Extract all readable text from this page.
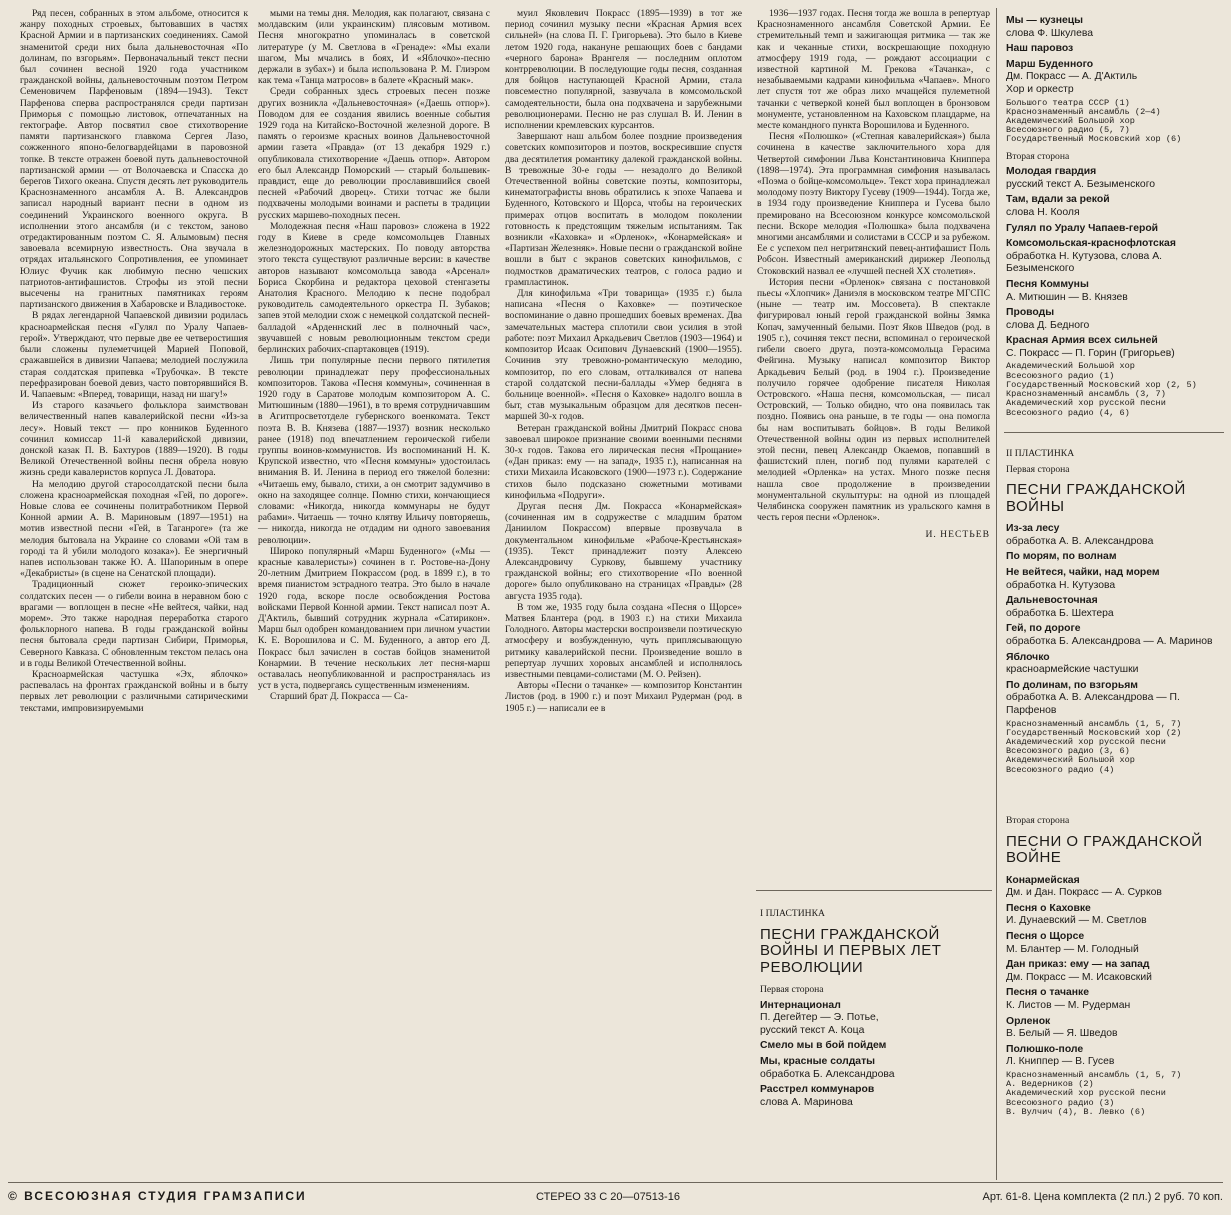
Ряд песен, собранных в этом альбоме, относится к жанру походных строевых, бытовавших в частях Красной Армии и в партизанских соединениях. Самой знаменитой среди них была дальневосточная «По долинам, по взгорьям». Первоначальный текст песни был сочинен весной 1920 года участником гражданской войны, дальневосточным поэтом Петром Семеновичем Парфеновым (1894—1943). Текст Парфенова сперва распространялся среди партизан Приморья с помощью листовок, отпечатанных на гектографе. Автор посвятил свое стихотворение памяти партизанского главкома Сергея Лазо, сожженного японо-белогвардейцами в паровозной топке. В тексте отражен боевой путь дальневосточной партизанской армии — от Волочаевска и Спасска до берегов Тихого океана. Спустя десять лет руководитель Краснознаменного ансамбля А. В. Александров записал народный вариант песни в одном из соединений Украинского военного округа. В исполнении этого ансамбля (и с текстом, заново отредактированным поэтом С. Я. Алымовым) песня завоевала всемирную известность. Она звучала в отрядах итальянского Сопротивления, ее упоминает Юлиус Фучик как любимую песню чешских патриотов-антифашистов. Строфы из этой песни высечены на гранитных памятниках героям партизанского движения в Хабаровске и Владивостоке.

В рядах легендарной Чапаевской дивизии родилась красноармейская песня «Гулял по Уралу Чапаев-герой». Утверждают, что первые две ее четверостишия были сложены пулеметчицей Марией Поповой, сражавшейся в дивизии Чапаева; мелодией послужила старая солдатская припевка «Трубочка». В тексте перефразирован боевой девиз, часто повторявшийся В. И. Чапаевым: «Вперед, товарищи, назад ни шагу!»

Из старого казачьего фольклора заимствован величественный напев кавалерийской песни «Из-за лесу». Новый текст — про конников Буденного сочинил комиссар 11-й кавалерийской дивизии, донской казак П. В. Бахтуров (1889—1920). В годы Великой Отечественной войны песня обрела новую жизнь среди кавалеристов корпуса Л. Доватора.

На мелодию другой старосолдатской песни была сложена красноармейская походная «Гей, по дороге». Новые слова ее сочинены политработником Первой Конной армии А. В. Мариновым (1897—1951) на мотив известной песни «Гей, в Таганроге» (та же мелодия бытовала на Украине со словами «Ой там в городі та й убили молодого козака»). Ее энергичный напев использован также Ю. А. Шапориным в опере «Декабристы» (в сцене на Сенатской площади).

Традиционный сюжет героико-эпических солдатских песен — о гибели воина в неравном бою с врагами — воплощен в песне «Не вейтеся, чайки, над морем». Это также народная переработка старого фольклорного напева. В годы гражданской войны песня бытовала среди партизан Сибири, Приморья, Северного Кавказа. С обновленным текстом пелась она и в годы Великой Отечественной войны.

Красноармейская частушка «Эх, яблочко» распевалась на фронтах гражданской войны и в быту первых лет революции с различными сатирическими текстами, импровизируемыми

мыми на темы дня. Мелодия, как полагают, связана с молдавским (или украинским) плясовым мотивом. Песня многократно упоминалась в советской литературе (у М. Светлова в «Гренаде»: «Мы ехали шагом, Мы мчались в боях, И «Яблочко»-песню держали в зубах») и была использована Р. М. Глиэром как тема «Танца матросов» в балете «Красный мак».

Среди собранных здесь строевых песен позже других возникла «Дальневосточная» («Даешь отпор»). Поводом для ее создания явились военные события 1929 года на Китайско-Восточной железной дороге. В память о героизме красных воинов Дальневосточной армии газета «Правда» (от 13 декабря 1929 г.) опубликовала стихотворение «Даешь отпор». Автором его был Александр Поморский — старый большевик-правдист, еще до революции прославившийся своей песней «Рабочий дворец». Стихи тотчас же были подхвачены молодыми воинами и распеты в традиции русских маршево-походных песен.

Молодежная песня «Наш паровоз» сложена в 1922 году в Киеве в среде комсомольцев Главных железнодорожных мастерских. По поводу авторства этого текста существуют различные версии: в качестве авторов называют комсомольца завода «Арсенал» Бориса Скорбина и редактора цеховой стенгазеты Анатолия Красного. Мелодию к песне подобрал руководитель самодеятельного оркестра П. Зубаков; запев этой мелодии схож с немецкой солдатской песней-балладой «Арденнский лес в полночный час», звучавшей с новым революционным текстом среди берлинских рабочих-спартаковцев (1919).

Лишь три популярные песни первого пятилетия революции принадлежат перу профессиональных композиторов. Такова «Песня коммуны», сочиненная в 1920 году в Саратове молодым композитором А. С. Митюшиным (1880—1961), в то время сотрудничавшим в Агитпросветотделе губернского военкомата. Текст поэта В. В. Князева (1887—1937) возник несколько ранее (1918) под впечатлением героической гибели группы воинов-коммунистов. Из воспоминаний Н. К. Крупской известно, что «Песня коммуны» удостоилась внимания В. И. Ленина в период его тяжелой болезни: «Читаешь ему, бывало, стихи, а он смотрит задумчиво в окно на заходящее солнце. Помню стихи, кончающиеся словами: «Никогда, никогда коммунары не будут рабами». Читаешь — точно клятву Ильичу повторяешь, — никогда, никогда не отдадим ни одного завоевания революции».

Широко популярный «Марш Буденного» («Мы — красные кавалеристы») сочинен в г. Ростове-на-Дону 20-летним Дмитрием Покрассом (род. в 1899 г.), в то время пианистом эстрадного театра. Это было в начале 1920 года, вскоре после освобождения Ростова войсками Первой Конной армии. Текст написал поэт А. Д'Актиль, бывший сотрудник журнала «Сатирикон». Марш был одобрен командованием при личном участии К. Е. Ворошилова и С. М. Буденного, а автор его Д. Покрасс был зачислен в состав бойцов знаменитой Конармии. В течение нескольких лет песня-марш оставалась неопубликованной и распространялась из уст в уста, подвергаясь существенным изменениям.

Старший брат Д. Покрасса — Са-

муил Яковлевич Покрасс (1895—1939) в тот же период сочинил музыку песни «Красная Армия всех сильней» (на слова П. Г. Григорьева). Это было в Киеве летом 1920 года, накануне решающих боев с бандами «черного барона» Врангеля — последним оплотом контрреволюции. В последующие годы песня, созданная для бойцов наступающей Красной Армии, стала повсеместно популярной, зазвучала в комсомольской самодеятельности, была она подхвачена и зарубежными революционерами. Песню не раз слушал В. И. Ленин в исполнении кремлевских курсантов.

Завершают наш альбом более поздние произведения советских композиторов и поэтов, воскресившие спустя два десятилетия романтику далекой гражданской войны. В тревожные 30-е годы — незадолго до Великой Отечественной войны советские поэты, композиторы, кинематографисты вновь обратились к эпохе Чапаева и Буденного, Котовского и Щорса, чтобы на героических примерах отцов воспитать в молодом поколении готовность к предстоящим тяжелым испытаниям. Так возникли «Каховка» и «Орленок», «Конармейская» и «Партизан Железняк». Новые песни о гражданской войне вошли в быт с экранов советских кинофильмов, с подмостков драматических театров, с голоса радио и грампластинок.

Для кинофильма «Три товарища» (1935 г.) была написана «Песня о Каховке» — поэтическое воспоминание о давно прошедших боевых временах. Два замечательных мастера сплотили свои усилия в этой работе: поэт Михаил Аркадьевич Светлов (1903—1964) и композитор Исаак Осипович Дунаевский (1900—1955). Сочинив эту тревожно-романтическую мелодию, композитор, по его словам, отталкивался от напева старой солдатской песни-баллады «Умер бедняга в больнице военной». «Песня о Каховке» надолго вошла в быт, став музыкальным образцом для десятков песен-маршей 30-х годов.

Ветеран гражданской войны Дмитрий Покрасс снова завоевал широкое признание своими военными песнями 30-х годов. Такова его лирическая песня «Прощание» («Дан приказ: ему — на запад», 1935 г.), написанная на стихи Михаила Исаковского (1900—1973 г.). Содержание стихов было подсказано сюжетными мотивами кинофильма «Подруги».

Другая песня Дм. Покрасса «Конармейская» (сочиненная им в содружестве с младшим братом Даниилом Покрассом) впервые прозвучала в документальном кинофильме «Рабоче-Крестьянская» (1935). Текст принадлежит поэту Алексею Александровичу Суркову, бывшему участнику гражданской войны; его стихотворение «По военной дороге» было опубликовано на страницах «Правды» (28 августа 1935 года).

В том же, 1935 году была создана «Песня о Щорсе» Матвея Блантера (род. в 1903 г.) на стихи Михаила Голодного. Авторы мастерски воспроизвели поэтическую атмосферу и возбужденную, чуть приплясывающую ритмику кавалерийской песни. Произведение вошло в репертуар лучших хоровых ансамблей и исполнялось известными певцами-солистами (М. О. Рейзен).

Авторы «Песни о тачанке» — композитор Константин Листов (род. в 1900 г.) и поэт Михаил Рудерман (род. в 1905 г.) — написали ее в

1936—1937 годах. Песня тогда же вошла в репертуар Краснознаменного ансамбля Советской Армии. Ее стремительный темп и зажигающая ритмика — так же как и чеканные стихи, воскрешающие походную атмосферу 1919 года, — рождают ассоциации с известной картиной М. Грекова «Тачанка», с незабываемыми кадрами кинофильма «Чапаев». Много лет спустя тот же образ лихо мчащейся пулеметной тачанки с четверкой коней был воплощен в бронзовом монументе, установленном на Каховском плацдарме, на месте командного пункта Ворошилова и Буденного.

Песня «Полюшко» («Степная кавалерийская») была сочинена в качестве заключительного хора для Четвертой симфонии Льва Константиновича Книппера (1898—1974). Эта программная симфония называлась «Поэма о бойце-комсомольце». Текст хора принадлежал молодому поэту Виктору Гусеву (1909—1944). Тогда же, в 1934 году произведение Книппера и Гусева было премировано на Всесоюзном конкурсе комсомольской песни. Вскоре мелодия «Полюшка» была подхвачена многими ансамблями и солистами в СССР и за рубежом. Ее с успехом пел негритянский певец-антифашист Поль Робсон. Известный американский дирижер Леопольд Стоковский назвал ее «лучшей песней XX столетия».

История песни «Орленок» связана с постановкой пьесы «Хлопчик» Даниэля в московском театре МГСПС (ныне — театр им. Моссовета). В спектакле фигурировал юный герой гражданской войны Зямка Копач, замученный белыми. Поэт Яков Шведов (род. в 1905 г.), сочиняя текст песни, вспоминал о героической гибели своего друга, поэта-комсомольца Герасима Фейгина. Музыку написал композитор Виктор Аркадьевич Белый (род. в 1904 г.). Произведение получило горячее одобрение писателя Николая Островского. «Наша песня, комсомольская, — писал Островский, — Только обидно, что она появилась так поздно. Появись она раньше, в те годы — она помогла бы нам воспитывать бойцов». В годы Великой Отечественной войны один из первых исполнителей этой песни, певец Александр Окаемов, попавший в фашистский плен, погиб под пулями карателей с мелодией «Орленка» на устах. Много позже песня нашла свое продолжение в произведении монументальной скульптуры: на одной из площадей Челябинска сооружен памятник из уральского камня в честь героя песни «Орленок».

И. НЕСТЬЕВ

Мы — кузнецы
слова Ф. Шкулева
Наш паровоз
Марш Буденного
Дм. Покрасс — А. Д'Актиль
Хор и оркестр
Большого театра СССР (1)
Краснознаменный ансамбль (2—4)
Академический Большой хор
Всесоюзного радио (5, 7)
Государственный Московский хор (6)
Вторая сторона
Молодая гвардия
русский текст А. Безыменского
Там, вдали за рекой
слова Н. Кооля
Гулял по Уралу Чапаев-герой
Комсомольская-краснофлотская
обработка Н. Кутузова, слова А. Безыменского
Песня Коммуны
А. Митюшин — В. Князев
Проводы
слова Д. Бедного
Красная Армия всех сильней
С. Покрасс — П. Горин (Григорьев)
Академический Большой хор
Всесоюзного радио (1)
Государственный Московский хор (2, 5)
Краснознаменный ансамбль (3, 7)
Академический хор русской песни
Всесоюзного радио (4, 6)
II ПЛАСТИНКА
Первая сторона
ПЕСНИ ГРАЖДАНСКОЙ ВОЙНЫ
Из-за лесу
обработка А. В. Александрова
По морям, по волнам
Не вейтеся, чайки, над морем
обработка Н. Кутузова
Дальневосточная
обработка Б. Шехтера
Гей, по дороге
обработка Б. Александрова — А. Маринов
Яблочко
красноармейские частушки
По долинам, по взгорьям
обработка А. В. Александрова — П. Парфенов
Краснознаменный ансамбль (1, 5, 7)
Государственный Московский хор (2)
Академический хор русской песни
Всесоюзного радио (3, 6)
Академический Большой хор
Всесоюзного радио (4)
Вторая сторона
ПЕСНИ О ГРАЖДАНСКОЙ ВОЙНЕ
Конармейская
Дм. и Дан. Покрасс — А. Сурков
Песня о Каховке
И. Дунаевский — М. Светлов
Песня о Щорсе
М. Блантер — М. Голодный
Дан приказ: ему — на запад
Дм. Покрасс — М. Исаковский
Песня о тачанке
К. Листов — М. Рудерман
Орленок
В. Белый — Я. Шведов
Полюшко-поле
Л. Книппер — В. Гусев
Краснознаменный ансамбль (1, 5, 7)
А. Ведерников (2)
Академический хор русской песни
Всесоюзного радио (3)
В. Вулчич (4), В. Левко (6)
I ПЛАСТИНКА
ПЕСНИ ГРАЖДАНСКОЙ ВОЙНЫ И ПЕРВЫХ ЛЕТ РЕВОЛЮЦИИ
Первая сторона
Интернационал
П. Дегейтер — Э. Потье,
русский текст А. Коца
Смело мы в бой пойдем
Мы, красные солдаты
обработка Б. Александрова
Расстрел коммунаров
слова А. Маринова
© ВСЕСОЮЗНАЯ СТУДИЯ ГРАМЗАПИСИ	СТЕРЕО 33 С 20—07513-16	Арт. 61-8. Цена комплекта (2 пл.) 2 руб. 70 коп.
